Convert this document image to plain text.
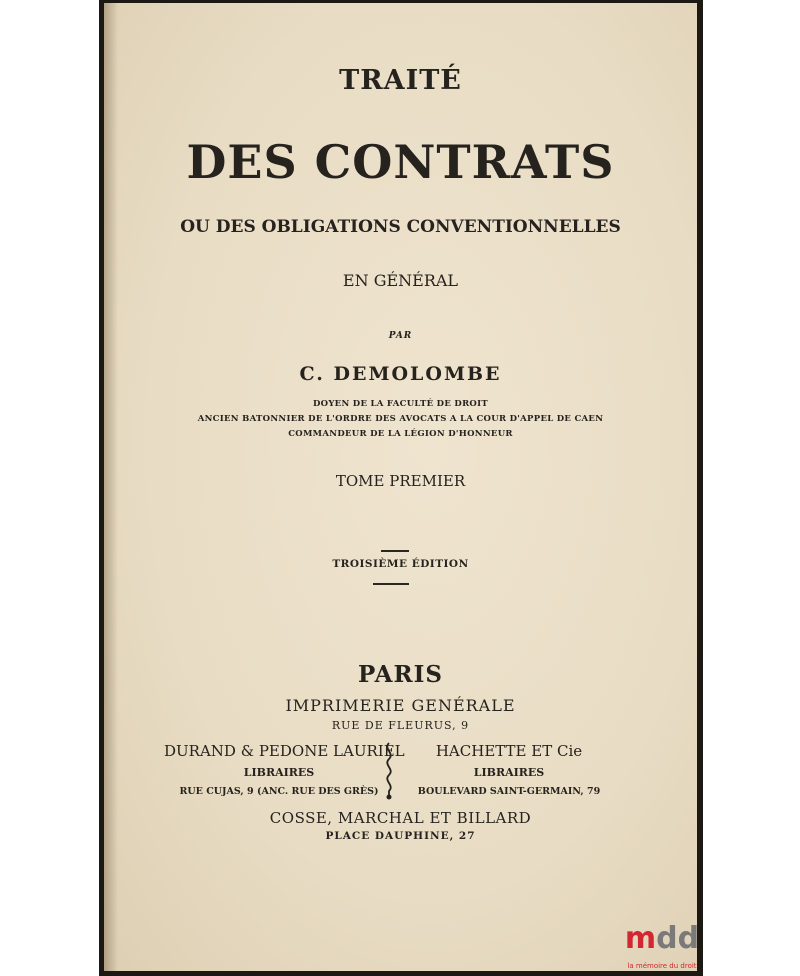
TRAITÉ
DES CONTRATS
OU DES OBLIGATIONS CONVENTIONNELLES
EN GÉNÉRAL
PAR
C. DEMOLOMBE
DOYEN DE LA FACULTÉ DE DROIT
ANCIEN BATONNIER DE L'ORDRE DES AVOCATS A LA COUR D'APPEL DE CAEN
COMMANDEUR DE LA LÉGION D'HONNEUR
TOME PREMIER
TROISIÈME ÉDITION
PARIS
IMPRIMERIE GENÉRALE
RUE DE FLEURUS, 9
DURAND & PEDONE LAURIEL
LIBRAIRES
RUE CUJAS, 9 (ANC. RUE DES GRÈS)
HACHETTE ET Cie
LIBRAIRES
BOULEVARD SAINT-GERMAIN, 79
COSSE, MARCHAL ET BILLARD
PLACE DAUPHINE, 27
mdd
la mémoire du droit
